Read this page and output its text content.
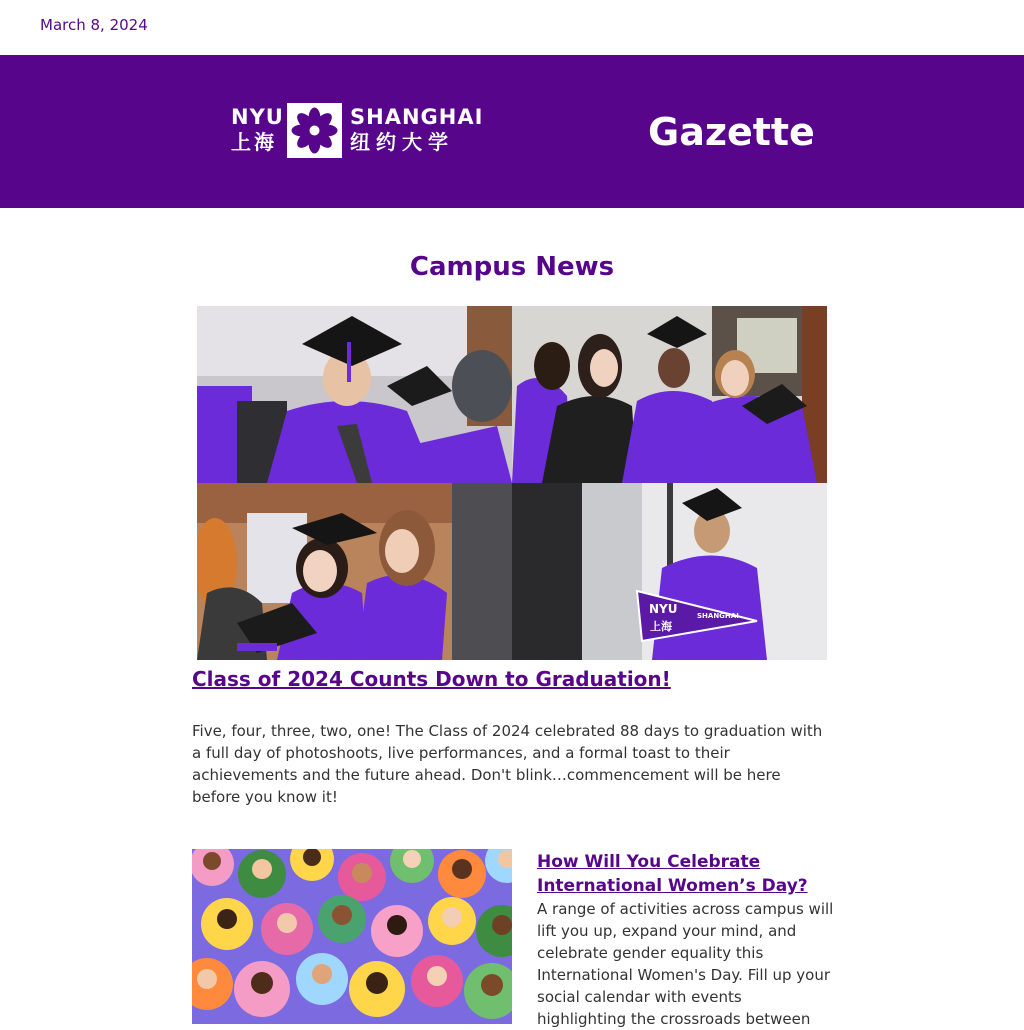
March 8, 2024
NYU
上海
SHANGHAI
纽约大学	Gazette
Campus News
NYU
上海
SHANGHAI
Class of 2024 Counts Down to Graduation!
Five, four, three, two, one! The Class of 2024 celebrated 88 days to graduation with a full day of photoshoots, live performances, and a formal toast to their achievements and the future ahead. Don't blink…commencement will be here before you know it!
How Will You Celebrate International Women’s Day?
A range of activities across campus will lift you up, expand your mind, and celebrate gender equality this International Women's Day. Fill up your social calendar with events highlighting the crossroads between
